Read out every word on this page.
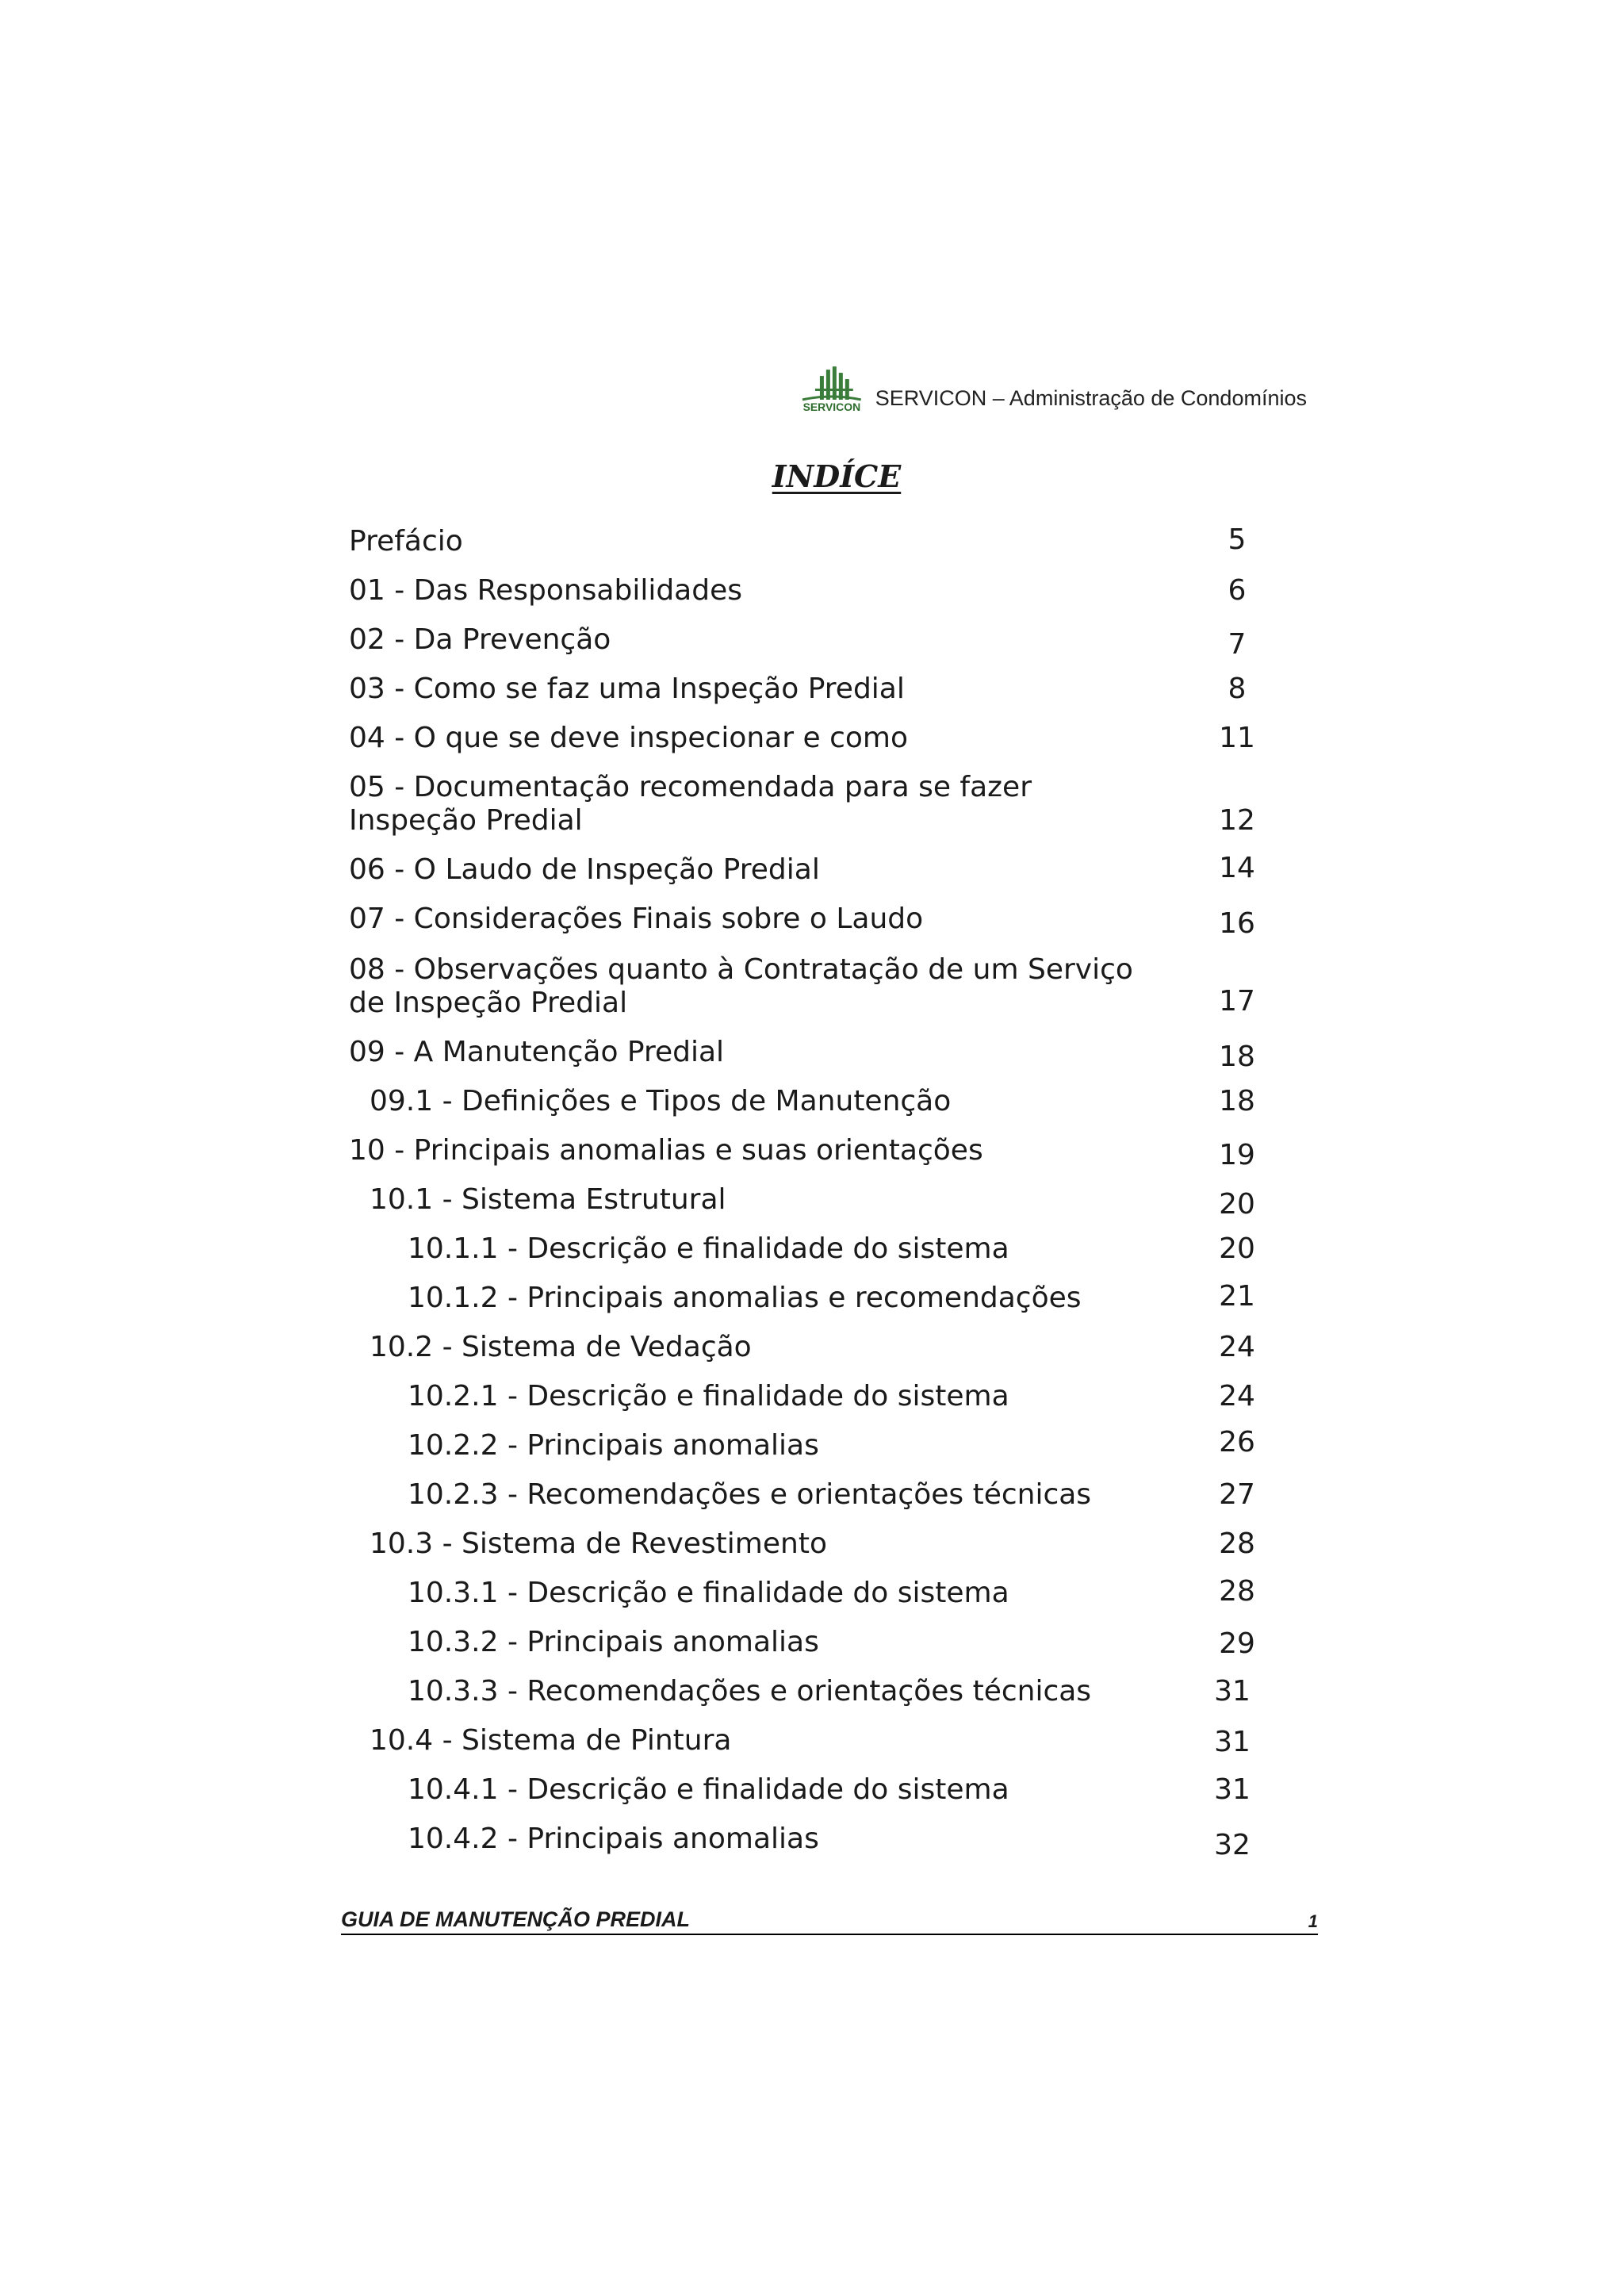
SERVICON SERVICON – Administração de Condomínios
INDÍCE
Prefácio	5
01 - Das Responsabilidades	6
02 - Da Prevenção	7
03 - Como se faz uma Inspeção Predial	8
04 - O que se deve inspecionar e como	11
05 - Documentação recomendada para se fazer Inspeção Predial	12
06 - O Laudo de Inspeção Predial	14
07 - Considerações Finais sobre o Laudo	16
08 - Observações quanto à Contratação de um Serviço de Inspeção Predial	17
09 - A Manutenção Predial	18
09.1 - Definições e Tipos de Manutenção	18
10 - Principais anomalias e suas orientações	19
10.1 - Sistema Estrutural	20
10.1.1 - Descrição e finalidade do sistema	20
10.1.2 - Principais anomalias e recomendações	21
10.2 - Sistema de Vedação	24
10.2.1 - Descrição e finalidade do sistema	24
10.2.2 - Principais anomalias	26
10.2.3 - Recomendações e orientações técnicas	27
10.3 - Sistema de Revestimento	28
10.3.1 - Descrição e finalidade do sistema	28
10.3.2 - Principais anomalias	29
10.3.3 - Recomendações e orientações técnicas	31
10.4 - Sistema de Pintura	31
10.4.1 - Descrição e finalidade do sistema	31
10.4.2 - Principais anomalias	32
GUIA DE MANUTENÇÃO PREDIAL	1
